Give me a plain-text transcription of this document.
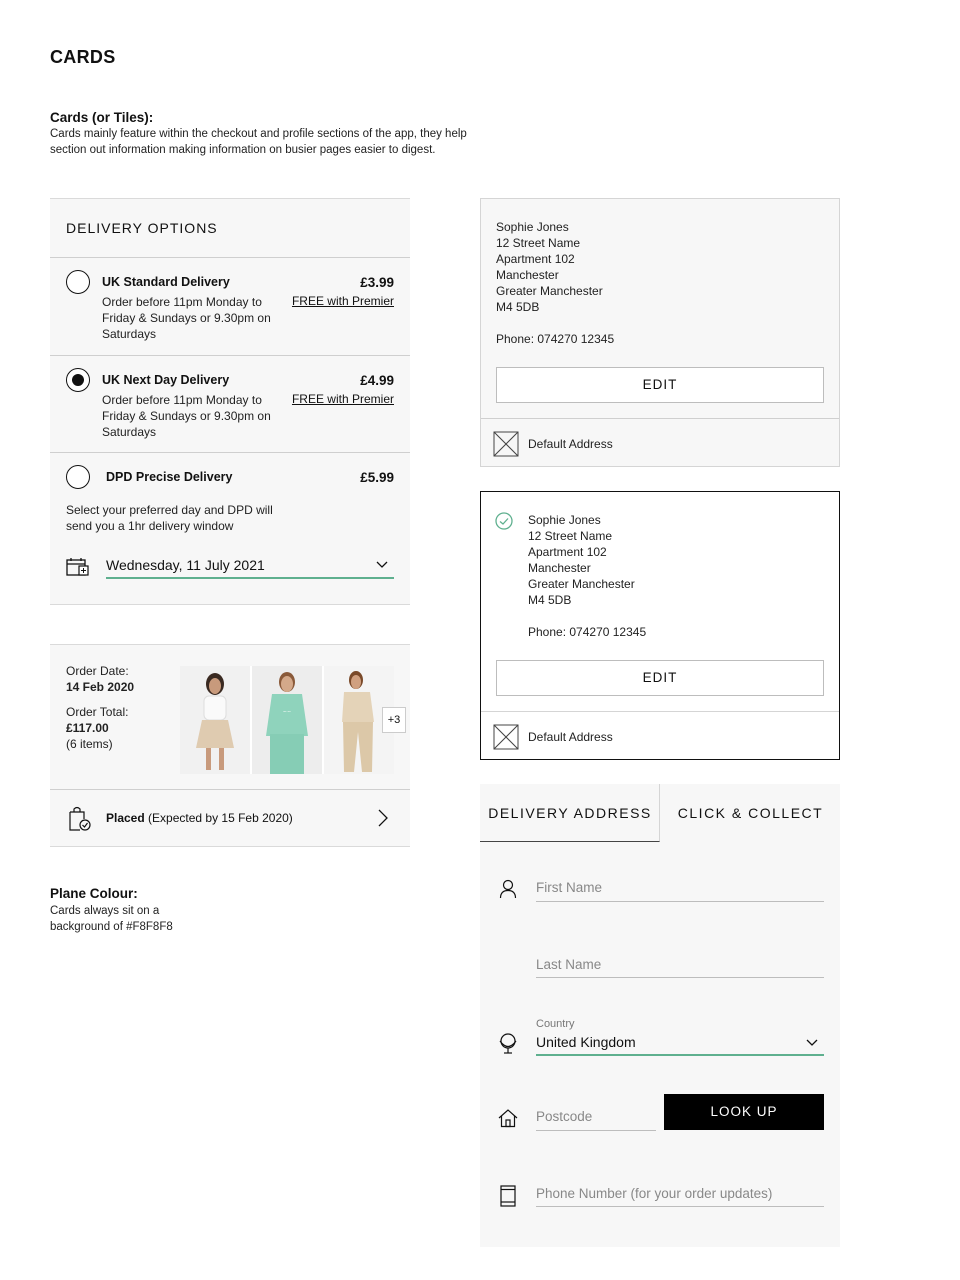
CARDS
Cards (or Tiles):
Cards mainly feature within the checkout and profile sections of the app, they help section out information making information on busier pages easier to digest.
DELIVERY OPTIONS
UK Standard Delivery
Order before 11pm Monday to Friday & Sundays or 9.30pm on Saturdays
£3.99
FREE with Premier
UK Next Day Delivery
Order before 11pm Monday to Friday & Sundays or 9.30pm on Saturdays
£4.99
FREE with Premier
DPD Precise Delivery	£5.99
Select your preferred day and DPD will send you a 1hr delivery window
Wednesday, 11 July 2021
Order Date:
14 Feb 2020
Order Total:
£117.00
(6 items)
∼∼
+3
Placed (Expected by 15 Feb 2020)
Plane Colour:
Cards always sit on a background of #F8F8F8
Sophie Jones
12 Street Name
Apartment 102
Manchester
Greater Manchester
M4 5DB
Phone: 074270 12345
EDIT
Default Address
Sophie Jones
12 Street Name
Apartment 102
Manchester
Greater Manchester
M4 5DB
Phone: 074270 12345
EDIT
Default Address
DELIVERY ADDRESS	CLICK & COLLECT
First Name
Last Name
Country
United Kingdom
Postcode	LOOK UP
Phone Number (for your order updates)
